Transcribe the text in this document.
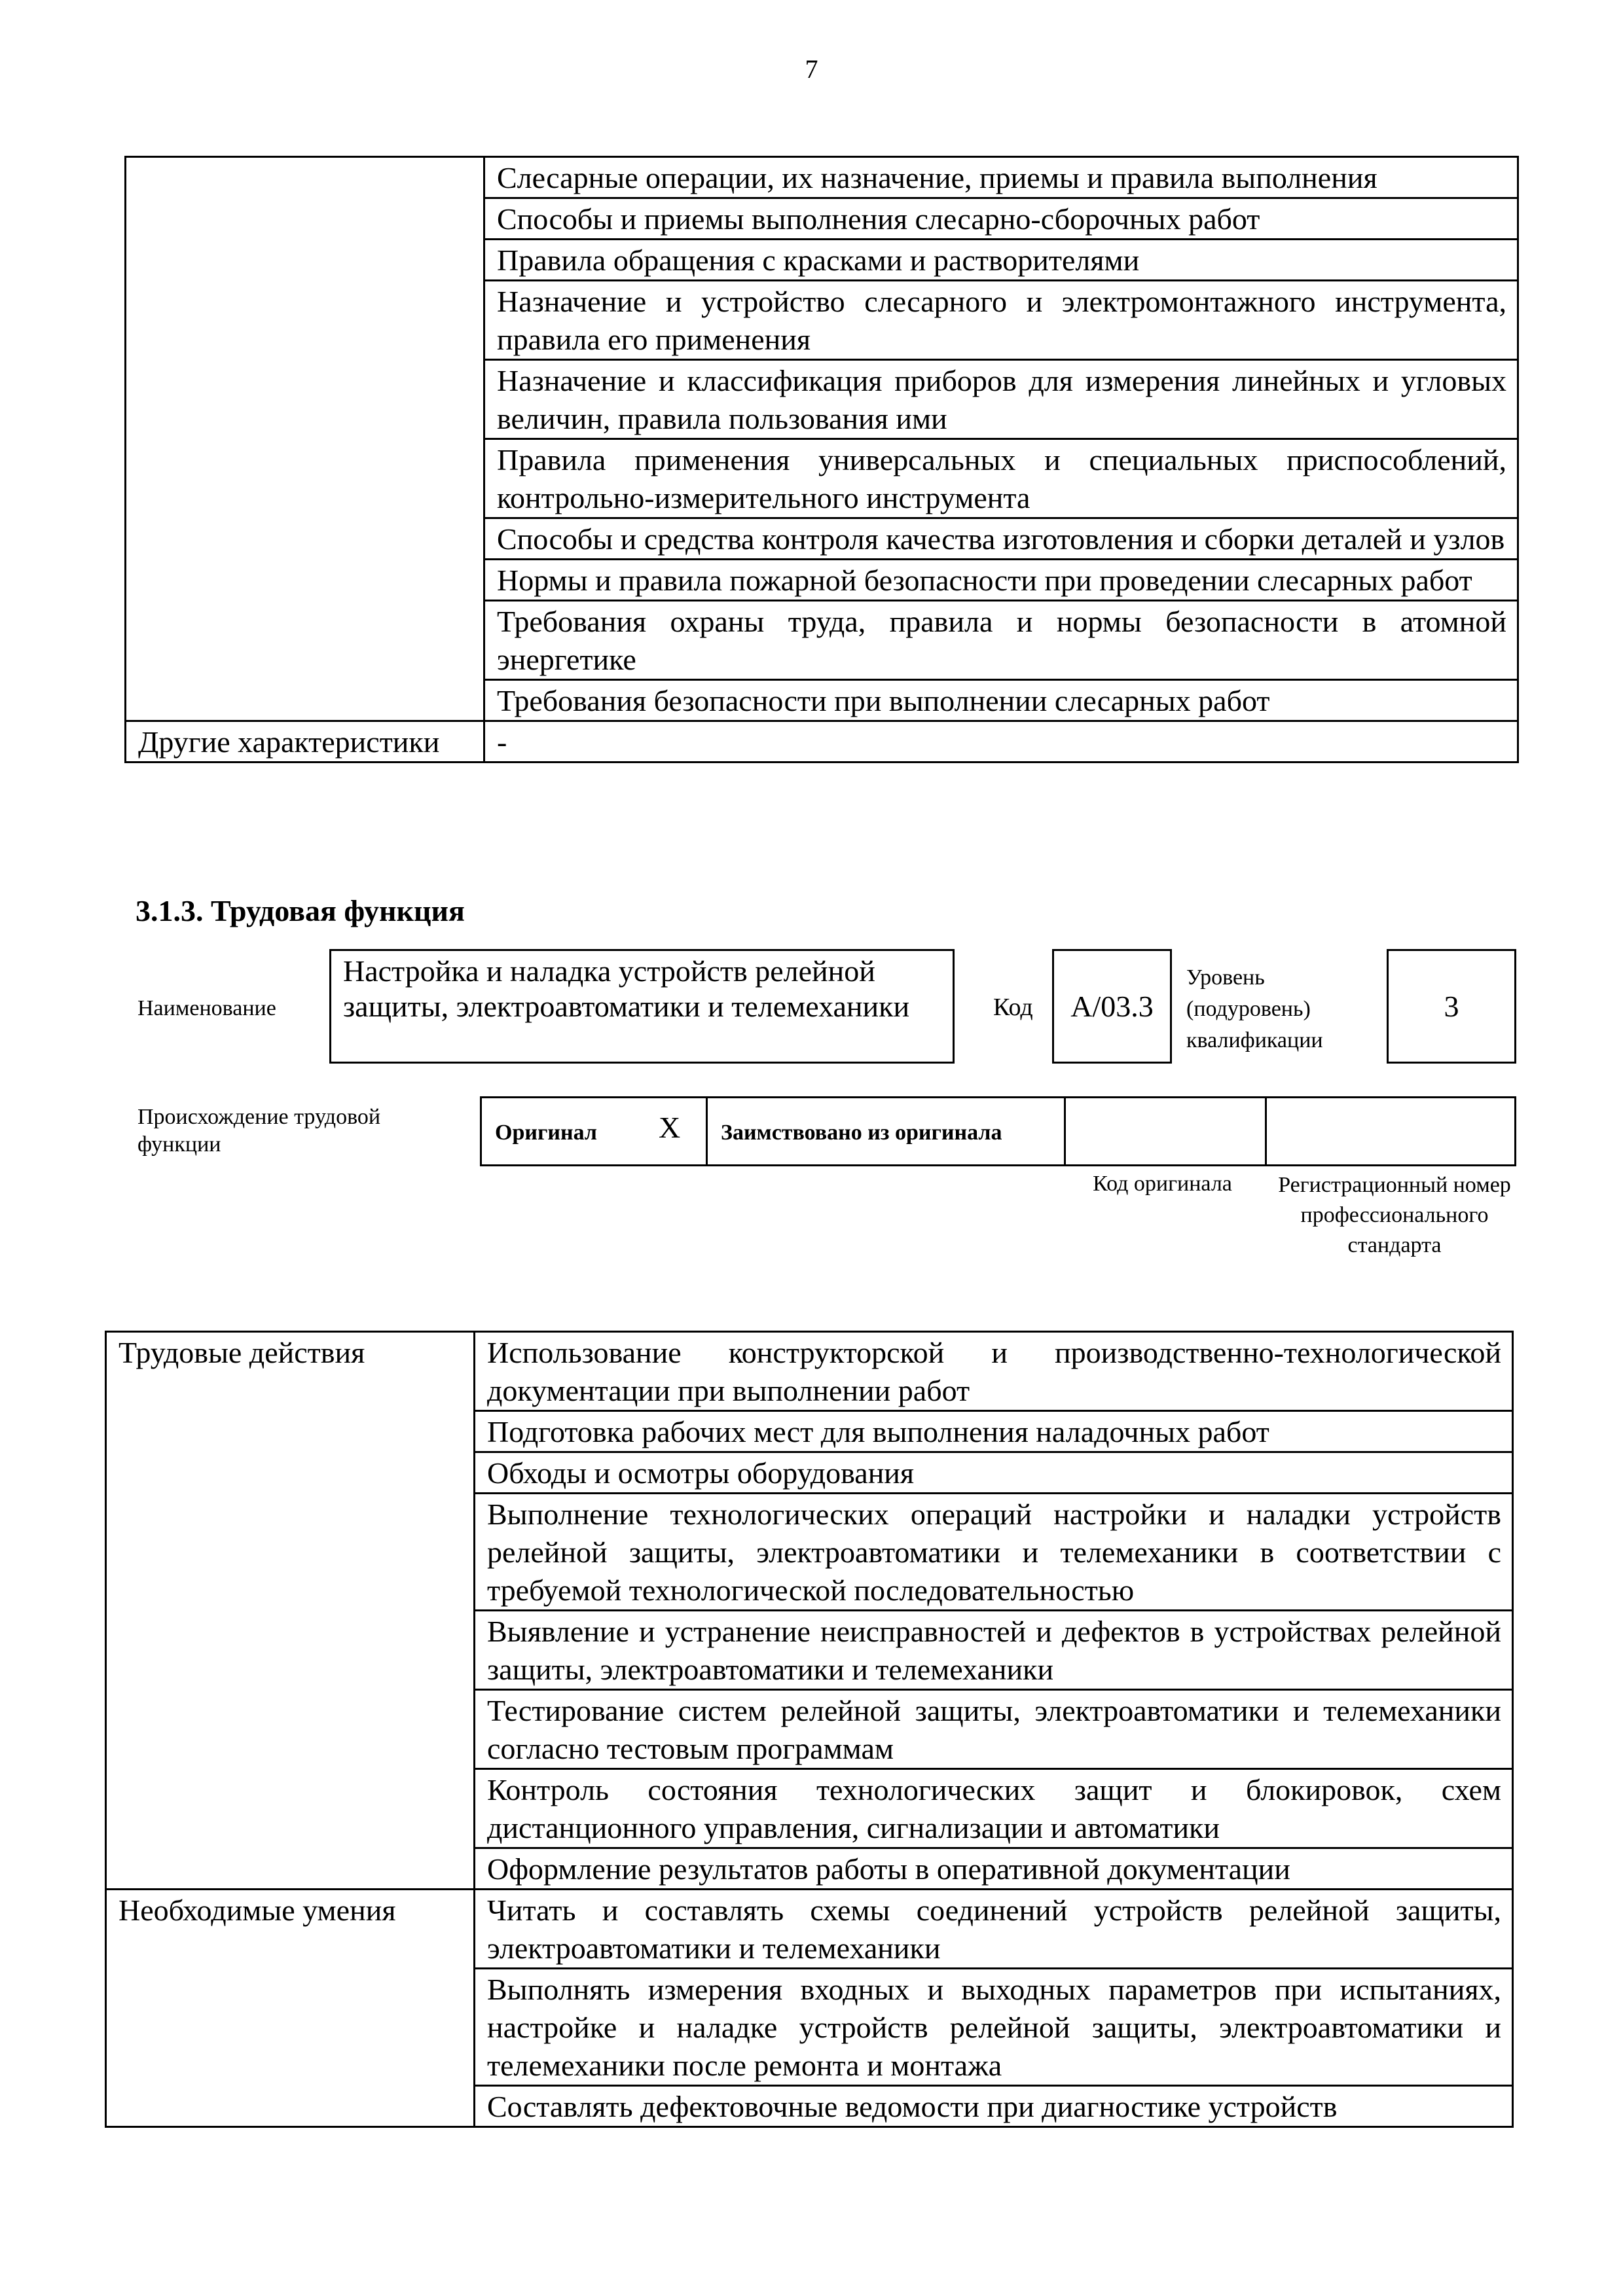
7
	Слесарные операции, их назначение, приемы и правила выполнения
	Способы и приемы выполнения слесарно-сборочных работ
	Правила обращения с красками и растворителями
	Назначение и устройство слесарного и электромонтажного инструмента, правила его применения
	Назначение и классификация приборов для измерения линейных и угловых величин, правила пользования ими
	Правила применения универсальных и специальных приспособлений, контрольно-измерительного инструмента
	Способы и средства контроля качества изготовления и сборки деталей и узлов
	Нормы и правила пожарной безопасности при проведении слесарных работ
	Требования охраны труда, правила и нормы безопасности в атомной энергетике
	Требования безопасности при выполнении слесарных работ
Другие характеристики	-
3.1.3. Трудовая функция
Наименование
Настройка и наладка устройств релейной защиты, электроавтоматики и телемеханики	Код	А/03.3
Уровень (подуровень) квалификации
3
Происхождение трудовой функции	Оригинал X Заимствовано из оригинала
Код оригинала	Регистрационный номер профессионального стандарта
Трудовые действия	Использование конструкторской и производственно-технологической документации при выполнении работ
	Подготовка рабочих мест для выполнения наладочных работ
	Обходы и осмотры оборудования
	Выполнение технологических операций настройки и наладки устройств релейной защиты, электроавтоматики и телемеханики в соответствии с требуемой технологической последовательностью
	Выявление и устранение неисправностей и дефектов в устройствах релейной защиты, электроавтоматики и телемеханики
	Тестирование систем релейной защиты, электроавтоматики и телемеханики согласно тестовым программам
	Контроль состояния технологических защит и блокировок, схем дистанционного управления, сигнализации и автоматики
	Оформление результатов работы в оперативной документации
Необходимые умения	Читать и составлять схемы соединений устройств релейной защиты, электроавтоматики и телемеханики
	Выполнять измерения входных и выходных параметров при испытаниях, настройке и наладке устройств релейной защиты, электроавтоматики и телемеханики после ремонта и монтажа
	Составлять дефектовочные ведомости при диагностике устройств
